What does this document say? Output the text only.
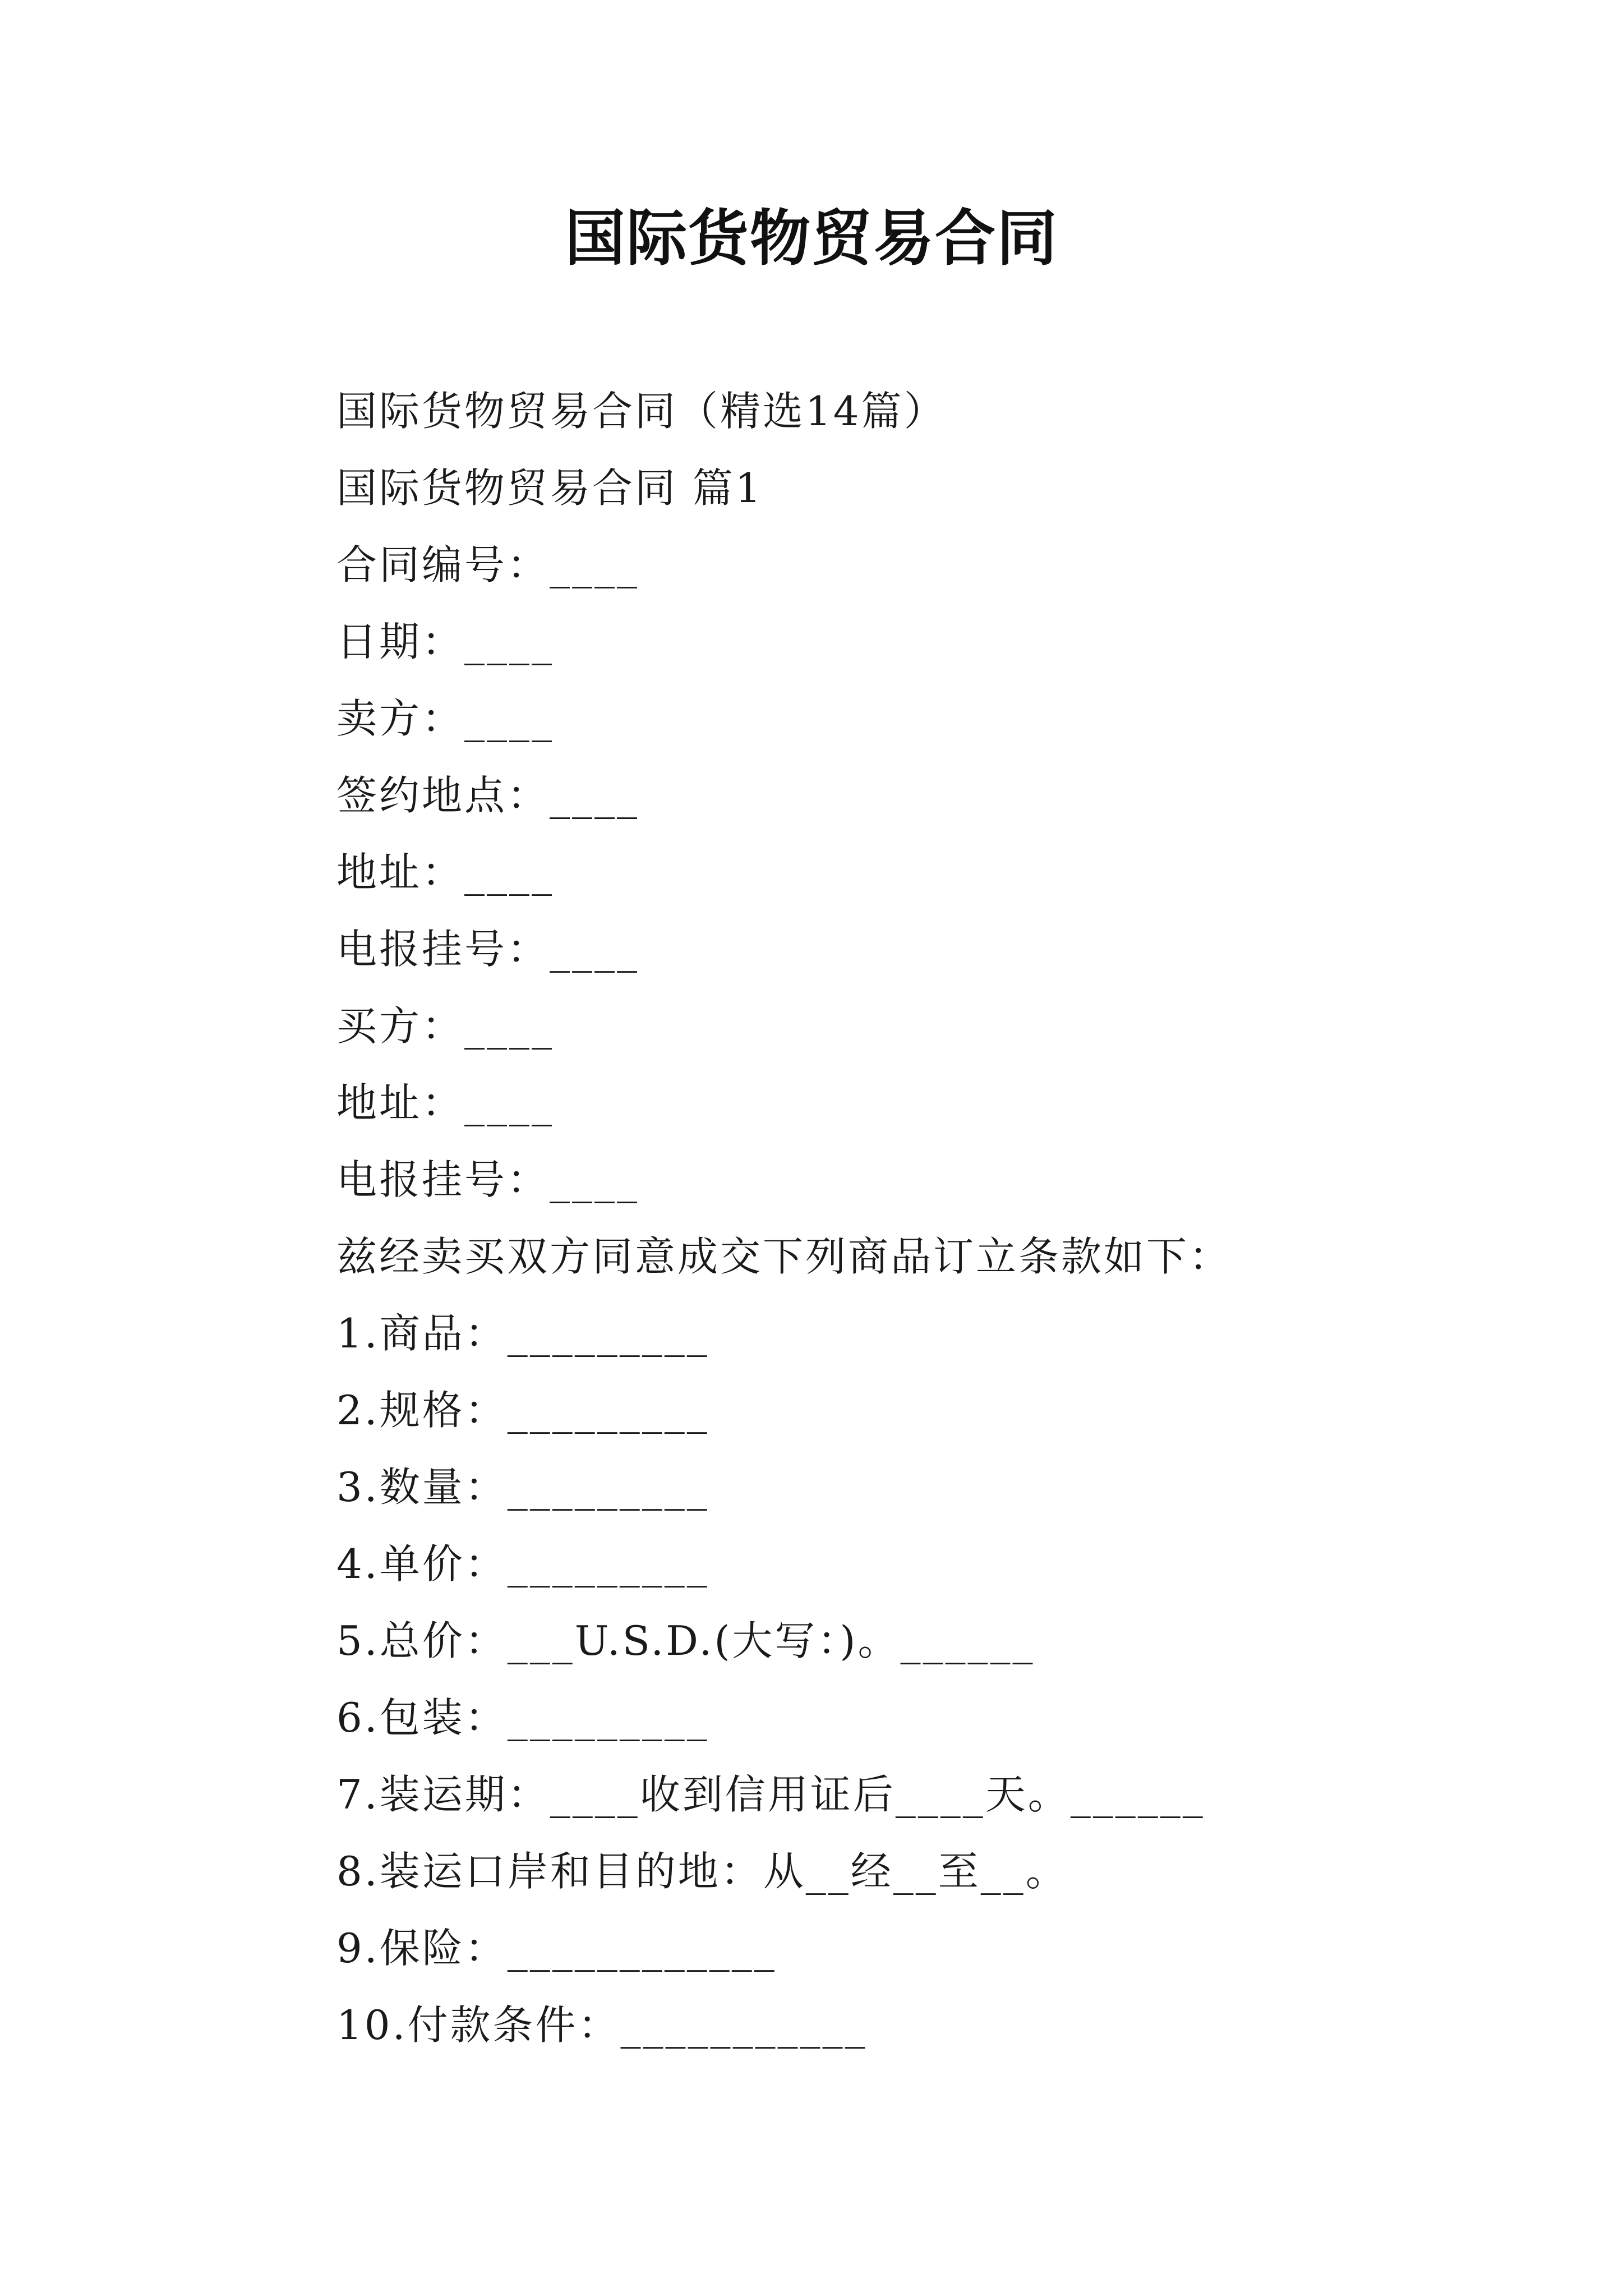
国际货物贸易合同
国际货物贸易合同（精选14篇）
国际货物贸易合同 篇1
合同编号：____
日期：____
卖方：____
签约地点：____
地址：____
电报挂号：____
买方：____
地址：____
电报挂号：____
兹经卖买双方同意成交下列商品订立条款如下：
1.商品：_________
2.规格：_________
3.数量：_________
4.单价：_________
5.总价：___U.S.D.(大写：)。______
6.包装：_________
7.装运期：____收到信用证后____天。______
8.装运口岸和目的地：从__经__至__。
9.保险：____________
10.付款条件：___________
